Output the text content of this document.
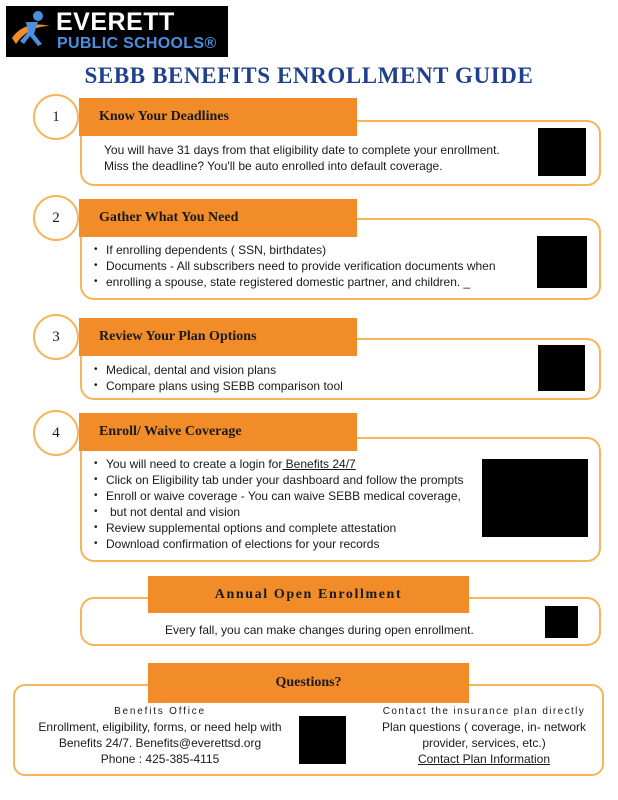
EVERETT
PUBLIC SCHOOLS®
SEBB BENEFITS ENROLLMENT GUIDE
Know Your Deadlines
1
You will have 31 days from that eligibility date to complete your enrollment.
Miss the deadline? You'll be auto enrolled into default coverage.
Gather What You Need
2
• If enrolling dependents ( SSN, birthdates)
• Documents - All subscribers need to provide verification documents when
• enrolling a spouse, state registered domestic partner, and children. _
Review Your Plan Options
3
• Medical, dental and vision plans
• Compare plans using SEBB comparison tool
Enroll/ Waive Coverage
4
• You will need to create a login for Benefits 24/7
• Click on Eligibility tab under your dashboard and follow the prompts
• Enroll or waive coverage - You can waive SEBB medical coverage,
• but not dental and vision
• Review supplemental options and complete attestation
• Download confirmation of elections for your records
Annual Open Enrollment
Every fall, you can make changes during open enrollment.
Questions?
Benefits Office
Enrollment, eligibility, forms, or need help with
Benefits 24/7. Benefits@everettsd.org
Phone : 425-385-4115
Contact the insurance plan directly
Plan questions ( coverage, in- network
provider, services, etc.)
Contact Plan Information
